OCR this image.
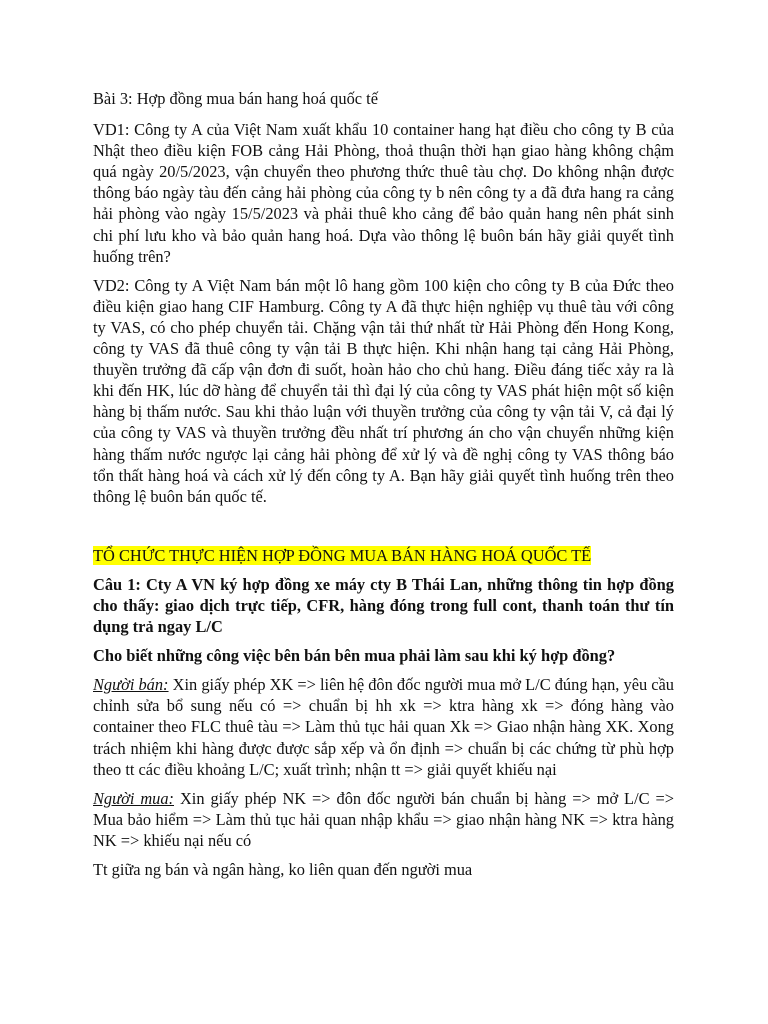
Bài 3: Hợp đồng mua bán hang hoá quốc tế

VD1: Công ty A của Việt Nam xuất khẩu 10 container hang hạt điều cho công ty B của Nhật theo điều kiện FOB cảng Hải Phòng, thoả thuận thời hạn giao hàng không chậm quá ngày 20/5/2023, vận chuyển theo phương thức thuê tàu chợ. Do không nhận được thông báo ngày tàu đến cảng hải phòng của công ty b nên công ty a đã đưa hang ra cảng hải phòng vào ngày 15/5/2023 và phải thuê kho cảng để bảo quản hang nên phát sinh chi phí lưu kho và bảo quản hang hoá. Dựa vào thông lệ buôn bán hãy giải quyết tình huống trên?

VD2: Công ty A Việt Nam bán một lô hang gồm 100 kiện cho công ty B của Đức theo điều kiện giao hang CIF Hamburg. Công ty A đã thực hiện nghiệp vụ thuê tàu với công ty VAS, có cho phép chuyển tải. Chặng vận tải thứ nhất từ Hải Phòng đến Hong Kong, công ty VAS đã thuê công ty vận tải B thực hiện. Khi nhận hang tại cảng Hải Phòng, thuyền trưởng đã cấp vận đơn đi suốt, hoàn hảo cho chủ hang. Điều đáng tiếc xảy ra là khi đến HK, lúc dỡ hàng để chuyển tải thì đại lý của công ty VAS phát hiện một số kiện hàng bị thấm nước. Sau khi thảo luận với thuyền trưởng của công ty vận tải V, cả đại lý của công ty VAS và thuyền trưởng đều nhất trí phương án cho vận chuyển những kiện hàng thấm nước ngược lại cảng hải phòng để xử lý và đề nghị công ty VAS thông báo tổn thất hàng hoá và cách xử lý đến công ty A. Bạn hãy giải quyết tình huống trên theo thông lệ buôn bán quốc tế.

TỔ CHỨC THỰC HIỆN HỢP ĐỒNG MUA BÁN HÀNG HOÁ QUỐC TẾ

Câu 1: Cty A VN ký hợp đồng xe máy cty B Thái Lan, những thông tin hợp đồng cho thấy: giao dịch trực tiếp, CFR, hàng đóng trong full cont, thanh toán thư tín dụng trả ngay L/C

Cho biết những công việc bên bán bên mua phải làm sau khi ký hợp đồng?

Người bán: Xin giấy phép XK => liên hệ đôn đốc người mua mở L/C đúng hạn, yêu cầu chỉnh sửa bổ sung nếu có => chuẩn bị hh xk => ktra hàng xk => đóng hàng vào container theo FLC thuê tàu => Làm thủ tục hải quan Xk => Giao nhận hàng XK. Xong trách nhiệm khi hàng được được sắp xếp và ổn định => chuẩn bị các chứng từ phù hợp theo tt các điều khoảng L/C; xuất trình; nhận tt => giải quyết khiếu nại

Người mua: Xin giấy phép NK => đôn đốc người bán chuẩn bị hàng => mở L/C => Mua bảo hiểm => Làm thủ tục hải quan nhập khẩu => giao nhận hàng NK => ktra hàng NK => khiếu nại nếu có

Tt giữa ng bán và ngân hàng, ko liên quan đến người mua
